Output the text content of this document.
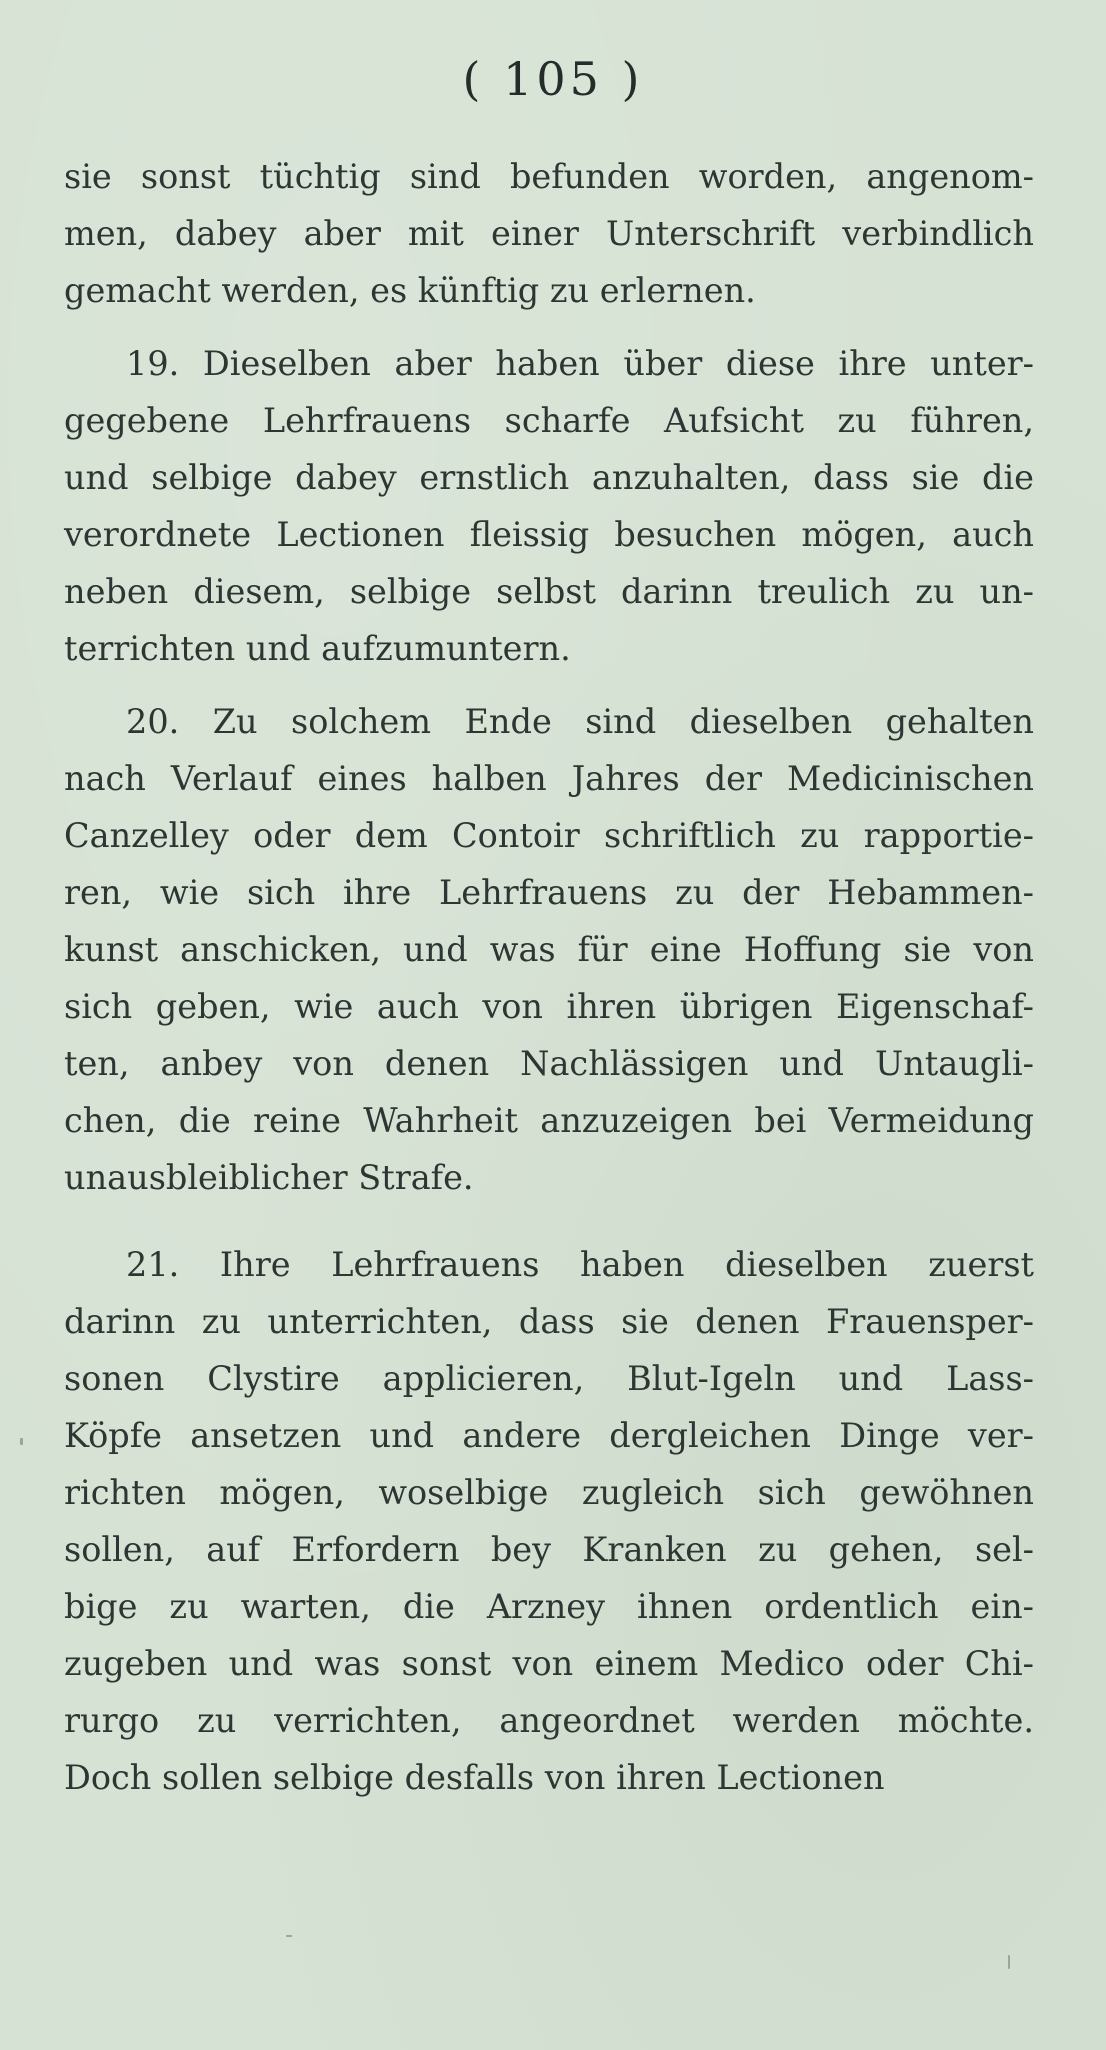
( 105 )
sie sonst tüchtig sind befunden worden, angenom-
men, dabey aber mit einer Unterschrift verbindlich
gemacht werden, es künftig zu erlernen.
19. Dieselben aber haben über diese ihre unter-
gegebene Lehrfrauens scharfe Aufsicht zu führen,
und selbige dabey ernstlich anzuhalten, dass sie die
verordnete Lectionen fleissig besuchen mögen, auch
neben diesem, selbige selbst darinn treulich zu un-
terrichten und aufzumuntern.
20. Zu solchem Ende sind dieselben gehalten
nach Verlauf eines halben Jahres der Medicinischen
Canzelley oder dem Contoir schriftlich zu rapportie-
ren, wie sich ihre Lehrfrauens zu der Hebammen-
kunst anschicken, und was für eine Hoffung sie von
sich geben, wie auch von ihren übrigen Eigenschaf-
ten, anbey von denen Nachlässigen und Untaugli-
chen, die reine Wahrheit anzuzeigen bei Vermeidung
unausbleiblicher Strafe.
21. Ihre Lehrfrauens haben dieselben zuerst
darinn zu unterrichten, dass sie denen Frauensper-
sonen Clystire applicieren, Blut-Igeln und Lass-
Köpfe ansetzen und andere dergleichen Dinge ver-
richten mögen, woselbige zugleich sich gewöhnen
sollen, auf Erfordern bey Kranken zu gehen, sel-
bige zu warten, die Arzney ihnen ordentlich ein-
zugeben und was sonst von einem Medico oder Chi-
rurgo zu verrichten, angeordnet werden möchte.
Doch sollen selbige desfalls von ihren Lectionen
